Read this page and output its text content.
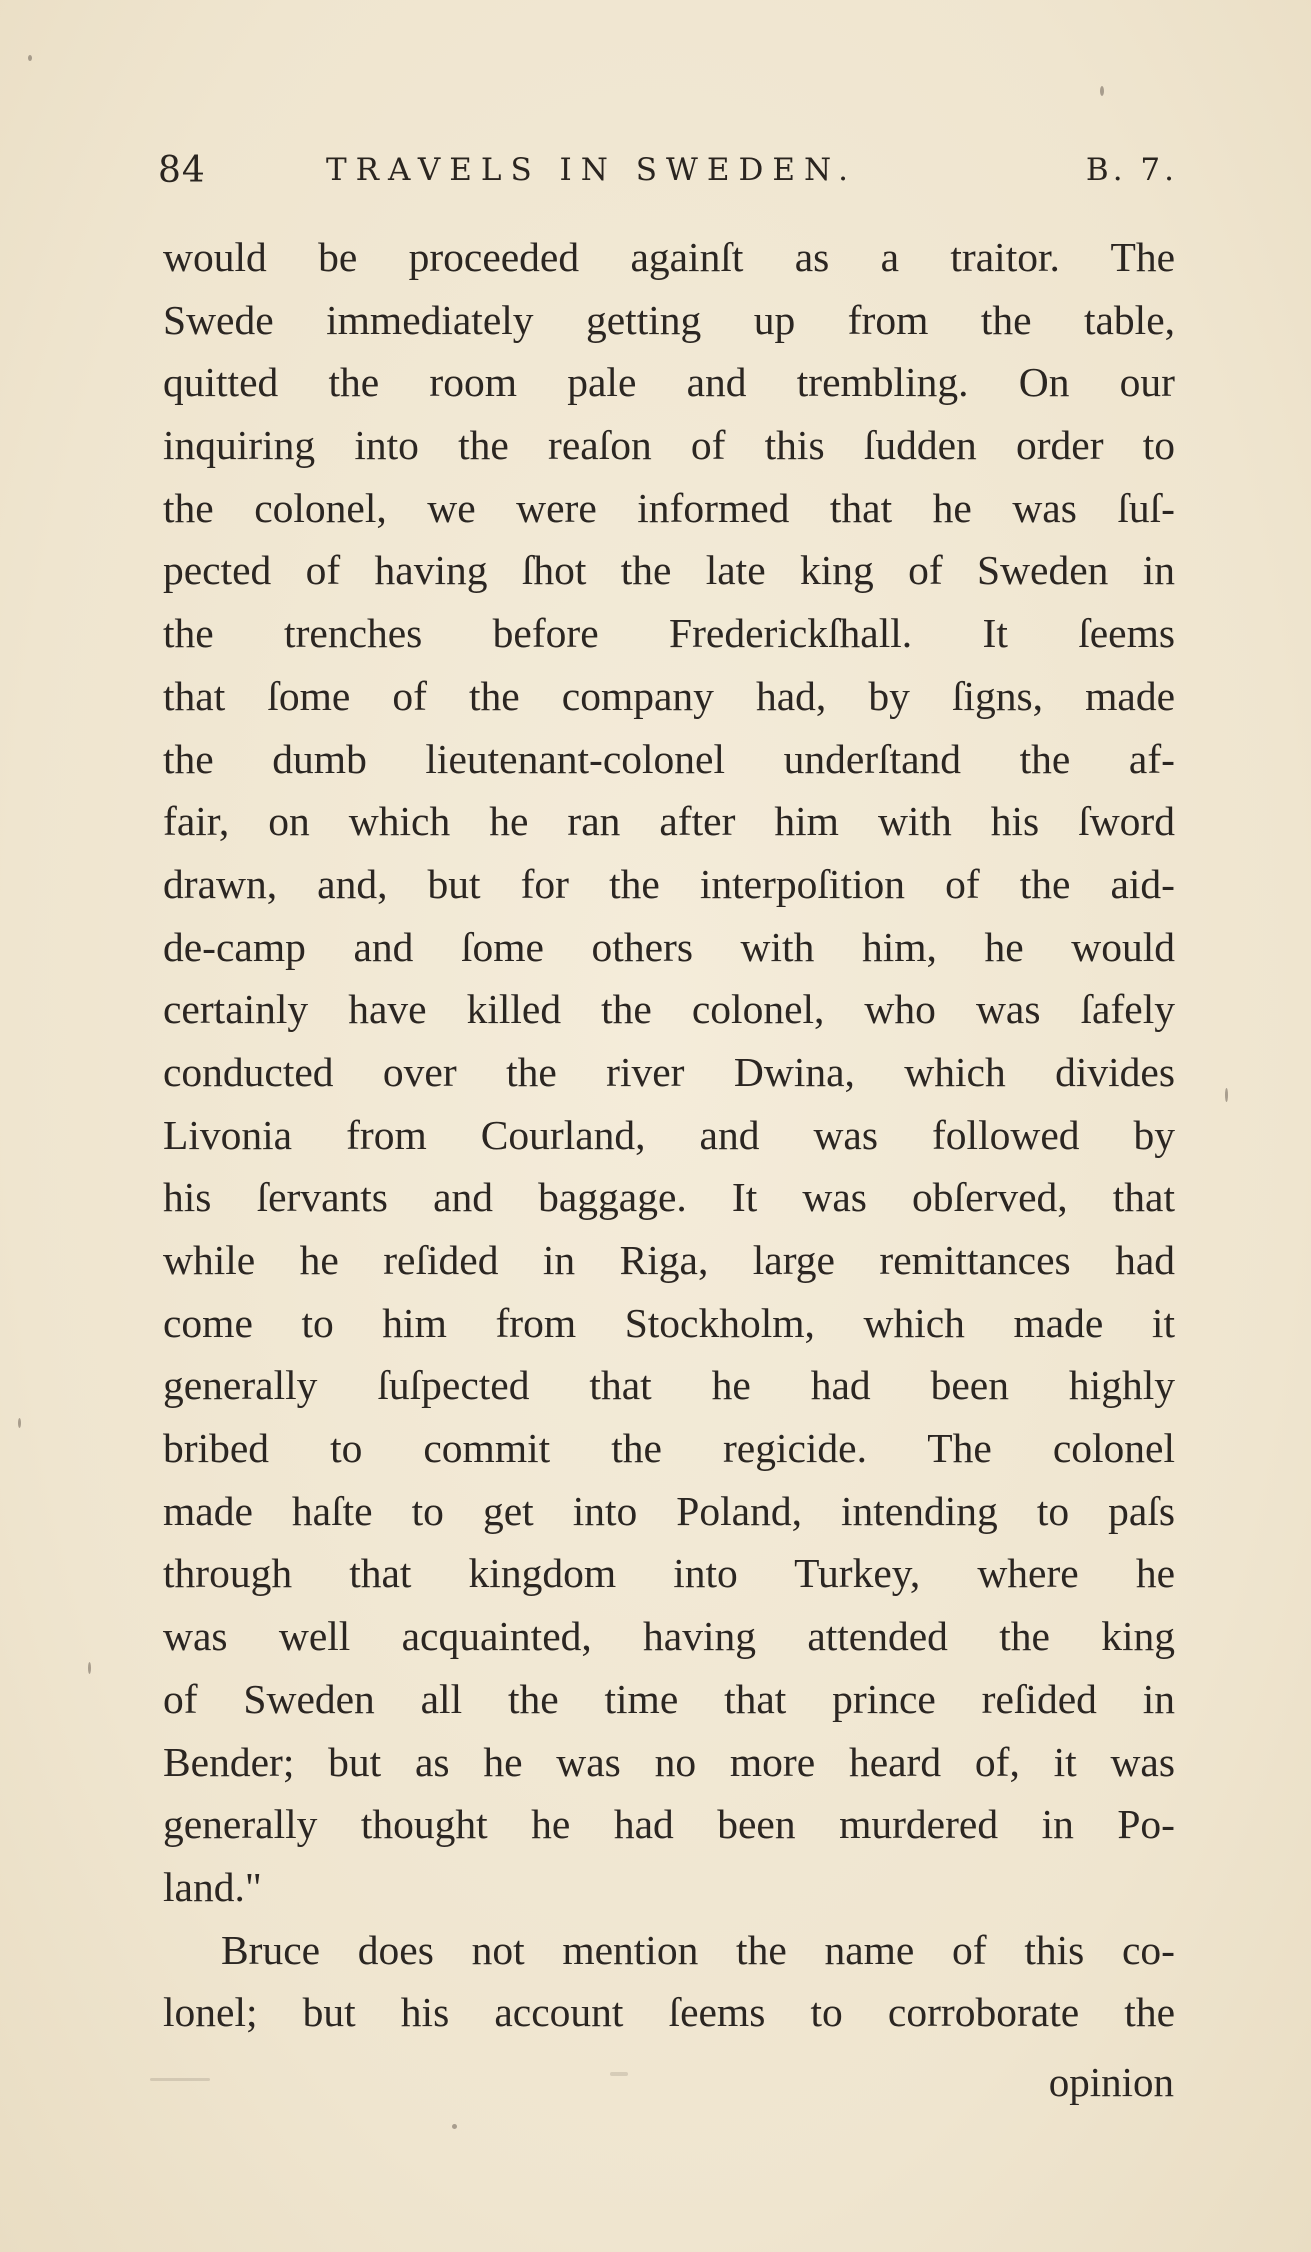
84	TRAVELS IN SWEDEN.	B. 7.
would be proceeded againſt as a traitor. The
Swede immediately getting up from the table,
quitted the room pale and trembling. On our
inquiring into the reaſon of this ſudden order to
the colonel, we were informed that he was ſuſ-
pected of having ſhot the late king of Sweden in
the trenches before Frederickſhall. It ſeems
that ſome of the company had, by ſigns, made
the dumb lieutenant-colonel underſtand the af-
fair, on which he ran after him with his ſword
drawn, and, but for the interpoſition of the aid-
de-camp and ſome others with him, he would
certainly have killed the colonel, who was ſafely
conducted over the river Dwina, which divides
Livonia from Courland, and was followed by
his ſervants and baggage. It was obſerved, that
while he reſided in Riga, large remittances had
come to him from Stockholm, which made it
generally ſuſpected that he had been highly
bribed to commit the regicide. The colonel
made haſte to get into Poland, intending to paſs
through that kingdom into Turkey, where he
was well acquainted, having attended the king
of Sweden all the time that prince reſided in
Bender; but as he was no more heard of, it was
generally thought he had been murdered in Po-
land."
Bruce does not mention the name of this co-
lonel; but his account ſeems to corroborate the
opinion
